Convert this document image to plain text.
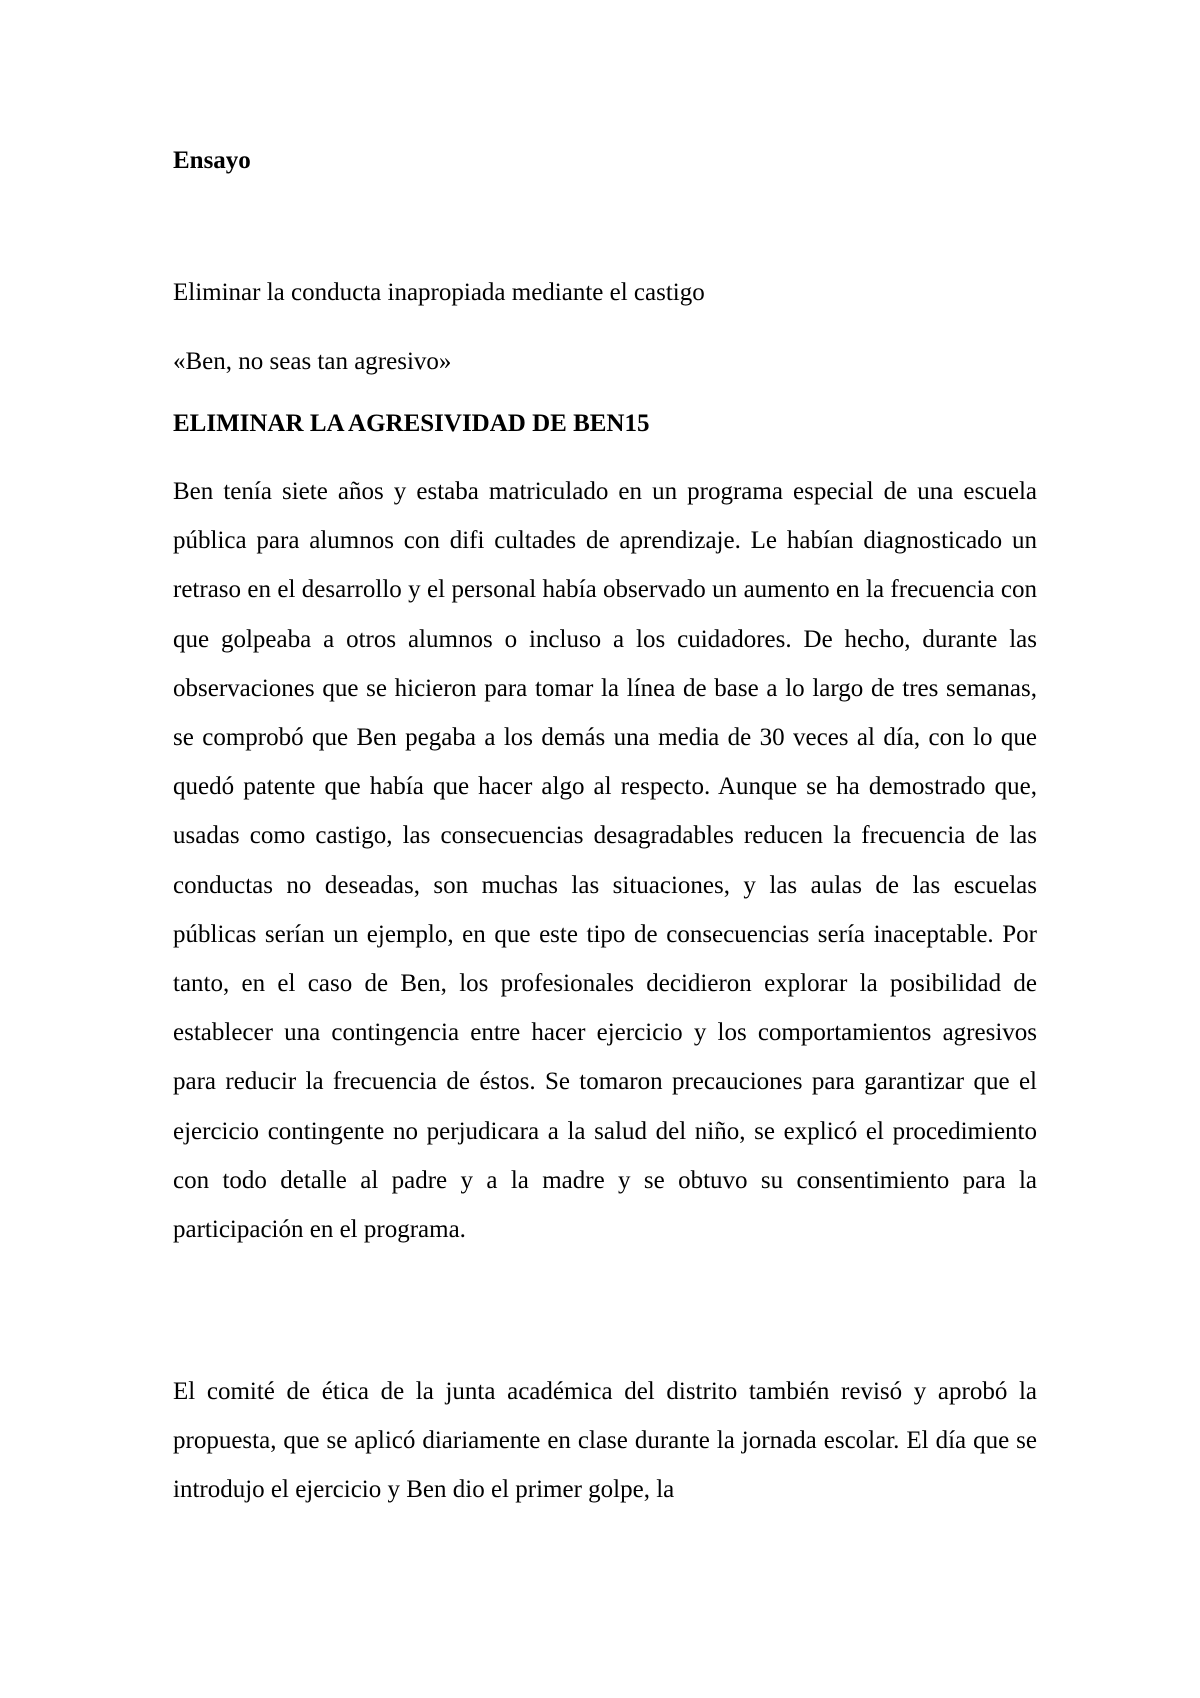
Ensayo
Eliminar la conducta inapropiada mediante el castigo
«Ben, no seas tan agresivo»
ELIMINAR LA AGRESIVIDAD DE BEN15

Ben tenía siete años y estaba matriculado en un programa especial de una escuela pública para alumnos con difi cultades de aprendizaje. Le habían diagnosticado un retraso en el desarrollo y el personal había observado un aumento en la frecuencia con que golpeaba a otros alumnos o incluso a los cuidadores. De hecho, durante las observaciones que se hicieron para tomar la línea de base a lo largo de tres semanas, se comprobó que Ben pegaba a los demás una media de 30 veces al día, con lo que quedó patente que había que hacer algo al respecto. Aunque se ha demostrado que, usadas como castigo, las consecuencias desagradables reducen la frecuencia de las conductas no deseadas, son muchas las situaciones, y las aulas de las escuelas públicas serían un ejemplo, en que este tipo de consecuencias sería inaceptable. Por tanto, en el caso de Ben, los profesionales decidieron explorar la posibilidad de establecer una contingencia entre hacer ejercicio y los comportamientos agresivos para reducir la frecuencia de éstos. Se tomaron precauciones para garantizar que el ejercicio contingente no perjudicara a la salud del niño, se explicó el procedimiento con todo detalle al padre y a la madre y se obtuvo su consentimiento para la participación en el programa.

El comité de ética de la junta académica del distrito también revisó y aprobó la propuesta, que se aplicó diariamente en clase durante la jornada escolar. El día que se introdujo el ejercicio y Ben dio el primer golpe, la
